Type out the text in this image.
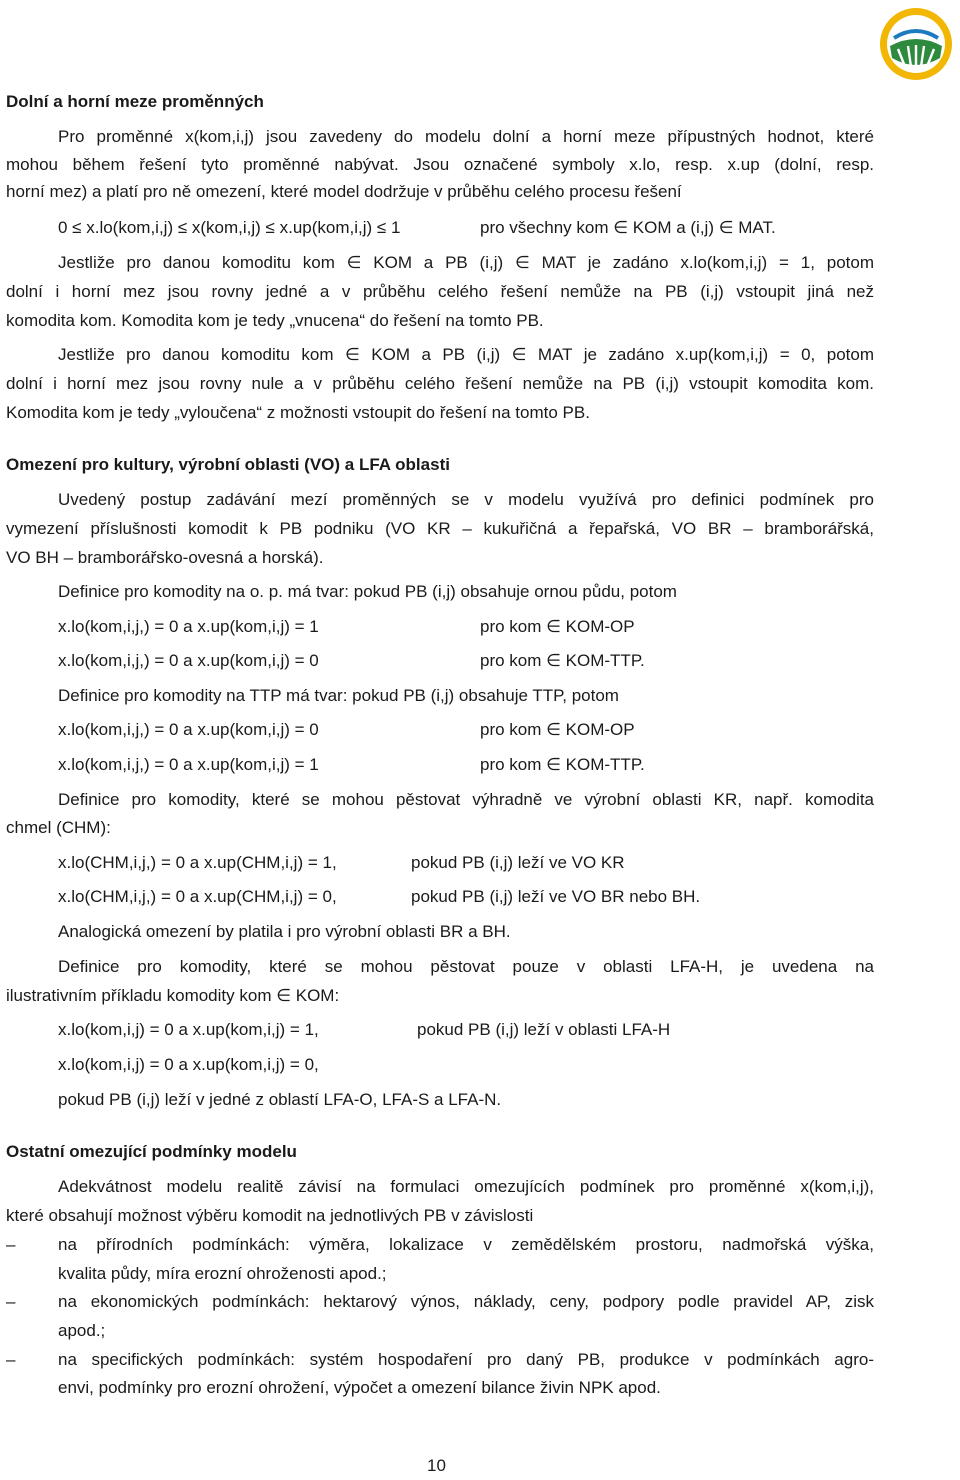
Dolní a horní meze proměnných
Pro proměnné x(kom,i,j) jsou zavedeny do modelu dolní a horní meze přípustných hodnot, které
mohou během řešení tyto proměnné nabývat. Jsou označené symboly x.lo, resp. x.up (dolní, resp.
horní mez) a platí pro ně omezení, které model dodržuje v průběhu celého procesu řešení
0 ≤ x.lo(kom,i,j) ≤ x(kom,i,j) ≤ x.up(kom,i,j) ≤ 1	pro všechny kom ∈ KOM a (i,j) ∈ MAT.
Jestliže pro danou komoditu kom ∈ KOM a PB (i,j) ∈ MAT je zadáno x.lo(kom,i,j) = 1, potom
dolní i horní mez jsou rovny jedné a v průběhu celého řešení nemůže na PB (i,j) vstoupit jiná než
komodita kom. Komodita kom je tedy „vnucena“ do řešení na tomto PB.
Jestliže pro danou komoditu kom ∈ KOM a PB (i,j) ∈ MAT je zadáno x.up(kom,i,j) = 0, potom
dolní i horní mez jsou rovny nule a v průběhu celého řešení nemůže na PB (i,j) vstoupit komodita kom.
Komodita kom je tedy „vyloučena“ z možnosti vstoupit do řešení na tomto PB.
Omezení pro kultury, výrobní oblasti (VO) a LFA oblasti
Uvedený postup zadávání mezí proměnných se v modelu využívá pro definici podmínek pro
vymezení příslušnosti komodit k PB podniku (VO KR – kukuřičná a řepařská, VO BR – bramborářská,
VO BH – bramborářsko-ovesná a horská).
Definice pro komodity na o. p. má tvar: pokud PB (i,j) obsahuje ornou půdu, potom
x.lo(kom,i,j,) = 0 a x.up(kom,i,j) = 1	pro kom ∈ KOM-OP
x.lo(kom,i,j,) = 0 a x.up(kom,i,j) = 0	pro kom ∈ KOM-TTP.
Definice pro komodity na TTP má tvar: pokud PB (i,j) obsahuje TTP, potom
x.lo(kom,i,j,) = 0 a x.up(kom,i,j) = 0	pro kom ∈ KOM-OP
x.lo(kom,i,j,) = 0 a x.up(kom,i,j) = 1	pro kom ∈ KOM-TTP.
Definice pro komodity, které se mohou pěstovat výhradně ve výrobní oblasti KR, např. komodita
chmel (CHM):
x.lo(CHM,i,j,) = 0 a x.up(CHM,i,j) = 1,	pokud PB (i,j) leží ve VO KR
x.lo(CHM,i,j,) = 0 a x.up(CHM,i,j) = 0,	pokud PB (i,j) leží ve VO BR nebo BH.
Analogická omezení by platila i pro výrobní oblasti BR a BH.
Definice pro komodity, které se mohou pěstovat pouze v oblasti LFA-H, je uvedena na
ilustrativním příkladu komodity kom ∈ KOM:
x.lo(kom,i,j) = 0 a x.up(kom,i,j) = 1,	pokud PB (i,j) leží v oblasti LFA-H
x.lo(kom,i,j) = 0 a x.up(kom,i,j) = 0,
pokud PB (i,j) leží v jedné z oblastí LFA-O, LFA-S a LFA-N.
Ostatní omezující podmínky modelu
Adekvátnost modelu realitě závisí na formulaci omezujících podmínek pro proměnné x(kom,i,j),
které obsahují možnost výběru komodit na jednotlivých PB v závislosti
–	na přírodních podmínkách: výměra, lokalizace v zemědělském prostoru, nadmořská výška,
kvalita půdy, míra erozní ohroženosti apod.;
–	na ekonomických podmínkách: hektarový výnos, náklady, ceny, podpory podle pravidel AP, zisk
apod.;
–	na specifických podmínkách: systém hospodaření pro daný PB, produkce v podmínkách agro-
envi, podmínky pro erozní ohrožení, výpočet a omezení bilance živin NPK apod.
10
